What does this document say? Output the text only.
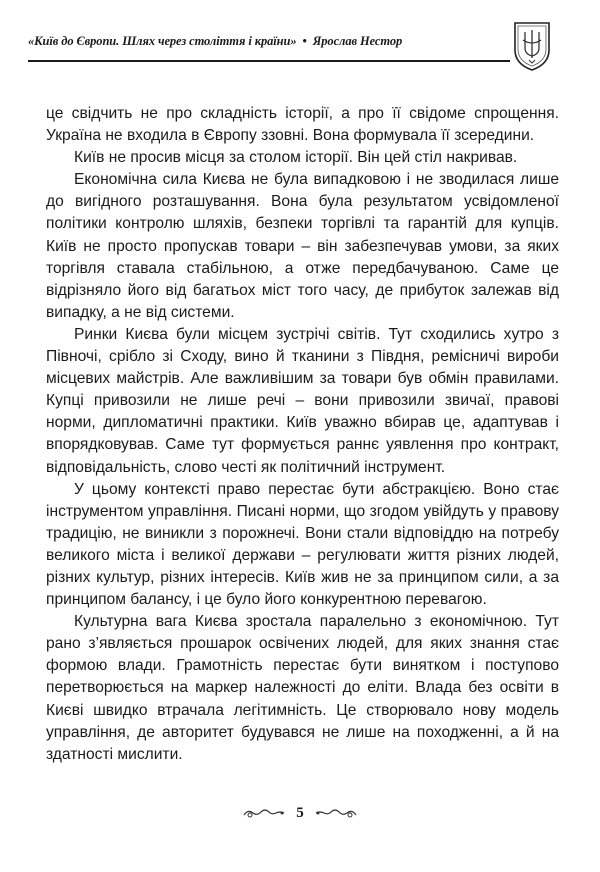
«Київ до Європи. Шлях через століття і країни» • Ярослав Нестор

це свідчить не про складність історії, а про її свідоме спрощення. Україна не входила в Європу ззовні. Вона формувала її зсередини.

Київ не просив місця за столом історії. Він цей стіл накривав.

Економічна сила Києва не була випадковою і не зводилася лише до вигідного розташування. Вона була результатом усвідомленої політики контролю шляхів, безпеки торгівлі та гарантій для купців. Київ не просто пропускав товари – він забезпечував умови, за яких торгівля ставала стабільною, а отже передбачуваною. Саме це відрізняло його від багатьох міст того часу, де прибуток залежав від випадку, а не від системи.

Ринки Києва були місцем зустрічі світів. Тут сходились хутро з Півночі, срібло зі Сходу, вино й тканини з Півдня, ремісничі вироби місцевих майстрів. Але важливішим за товари був обмін правилами. Купці привозили не лише речі – вони привозили звичаї, правові норми, дипломатичні практики. Київ уважно вбирав це, адаптував і впорядковував. Саме тут формується раннє уявлення про контракт, відповідальність, слово честі як політичний інструмент.

У цьому контексті право перестає бути абстракцією. Воно стає інструментом управління. Писані норми, що згодом увійдуть у правову традицію, не виникли з порожнечі. Вони стали відповіддю на потребу великого міста і великої держави – регулювати життя різних людей, різних культур, різних інтересів. Київ жив не за принципом сили, а за принципом балансу, і це було його конкурентною перевагою.

Культурна вага Києва зростала паралельно з економічною. Тут рано з’являється прошарок освічених людей, для яких знання стає формою влади. Грамотність перестає бути винятком і поступово перетворюється на маркер належності до еліти. Влада без освіти в Києві швидко втрачала легітимність. Це створювало нову модель управління, де авторитет будувався не лише на походженні, а й на здатності мислити.

5
